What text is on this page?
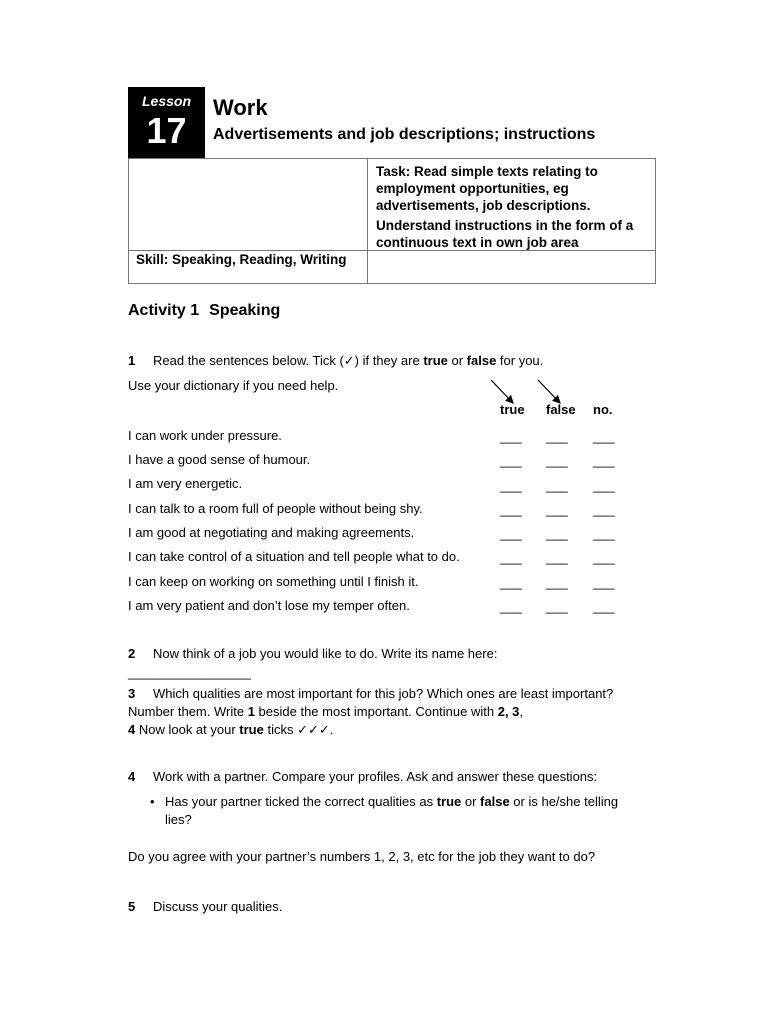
Lesson
17
Work
Advertisements and job descriptions; instructions

Task: Read simple texts relating to employment opportunities, eg advertisements, job descriptions.

Understand instructions in the form of a continuous text in own job area

Skill: Speaking, Reading, Writing
Activity 1 Speaking
1 Read the sentences below. Tick (✓) if they are true or false for you.
Use your dictionary if you need help.
true false no.
I can work under pressure.
I have a good sense of humour.
I am very energetic.
I can talk to a room full of people without being shy.
I am good at negotiating and making agreements.
I can take control of a situation and tell people what to do.
I can keep on working on something until I finish it.
I am very patient and don’t lose my temper often.
___ ___ ___
___ ___ ___
___ ___ ___
___ ___ ___
___ ___ ___
___ ___ ___
___ ___ ___
___ ___ ___
2 Now think of a job you would like to do. Write its name here:
_________________
3 Which qualities are most important for this job? Which ones are least important? Number them. Write 1 beside the most important. Continue with 2, 3,
4 Now look at your true ticks ✓✓✓.
4 Work with a partner. Compare your profiles. Ask and answer these questions:
• Has your partner ticked the correct qualities as true or false or is he/she telling lies?
Do you agree with your partner’s numbers 1, 2, 3, etc for the job they want to do?
5 Discuss your qualities.
